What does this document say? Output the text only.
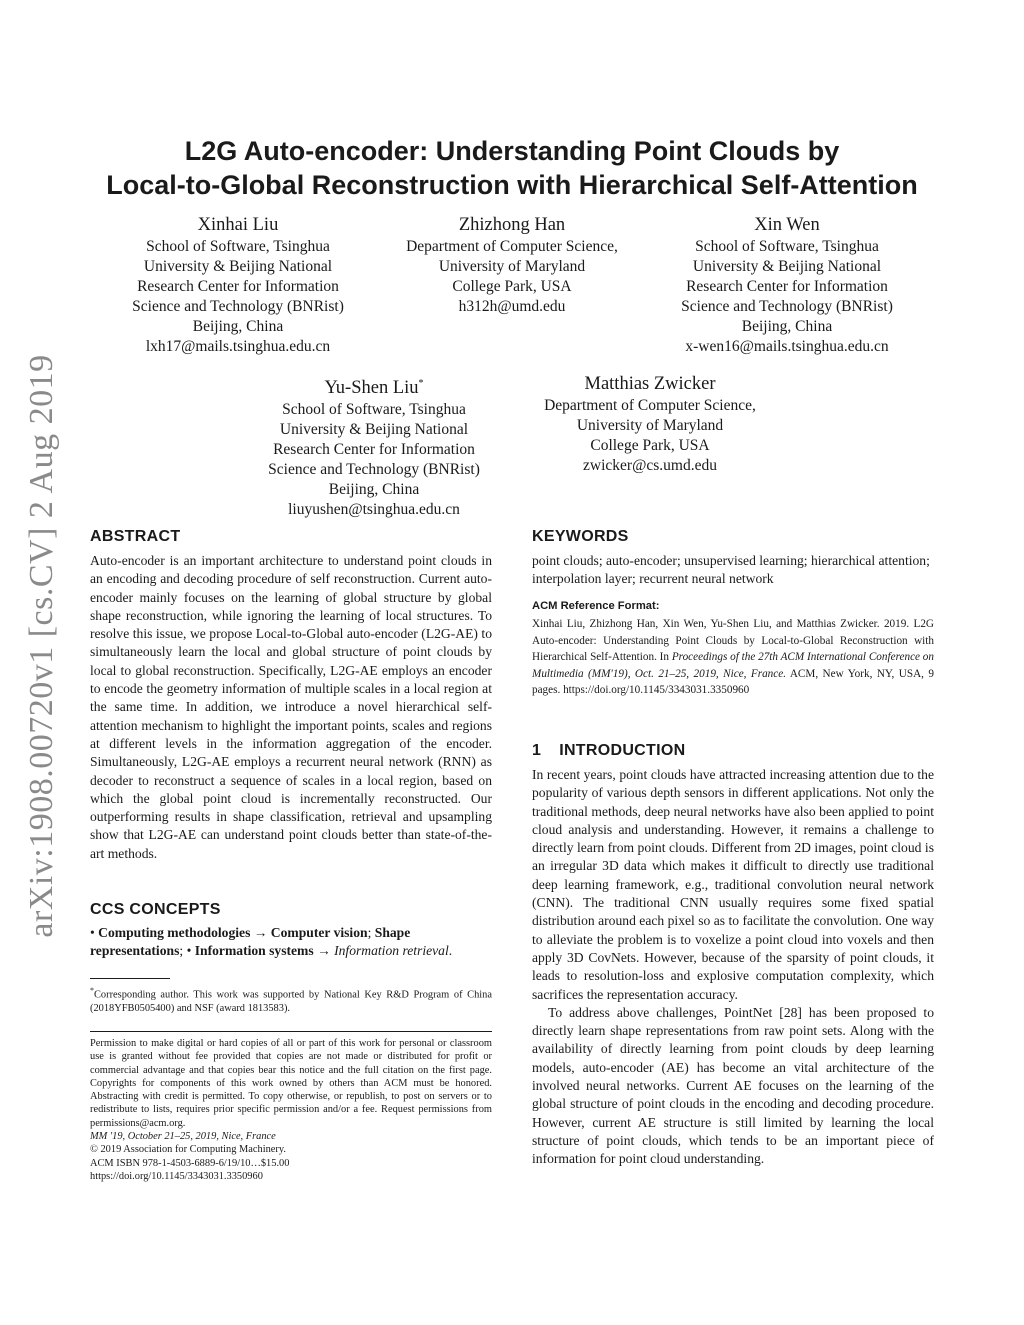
arXiv:1908.00720v1 [cs.CV] 2 Aug 2019
L2G Auto-encoder: Understanding Point Clouds by
Local-to-Global Reconstruction with Hierarchical Self-Attention
Xinhai Liu
School of Software, Tsinghua
University & Beijing National
Research Center for Information
Science and Technology (BNRist)
Beijing, China
lxh17@mails.tsinghua.edu.cn
Zhizhong Han
Department of Computer Science,
University of Maryland
College Park, USA
h312h@umd.edu
Xin Wen
School of Software, Tsinghua
University & Beijing National
Research Center for Information
Science and Technology (BNRist)
Beijing, China
x-wen16@mails.tsinghua.edu.cn
Yu-Shen Liu*
School of Software, Tsinghua
University & Beijing National
Research Center for Information
Science and Technology (BNRist)
Beijing, China
liuyushen@tsinghua.edu.cn
Matthias Zwicker
Department of Computer Science,
University of Maryland
College Park, USA
zwicker@cs.umd.edu
ABSTRACT
Auto-encoder is an important architecture to understand point clouds in an encoding and decoding procedure of self reconstruction. Current auto-encoder mainly focuses on the learning of global structure by global shape reconstruction, while ignoring the learning of local structures. To resolve this issue, we propose Local-to-Global auto-encoder (L2G-AE) to simultaneously learn the local and global structure of point clouds by local to global reconstruction. Specifically, L2G-AE employs an encoder to encode the geometry information of multiple scales in a local region at the same time. In addition, we introduce a novel hierarchical self-attention mechanism to highlight the important points, scales and regions at different levels in the information aggregation of the encoder. Simultaneously, L2G-AE employs a recurrent neural network (RNN) as decoder to reconstruct a sequence of scales in a local region, based on which the global point cloud is incrementally reconstructed. Our outperforming results in shape classification, retrieval and upsampling show that L2G-AE can understand point clouds better than state-of-the-art methods.
CCS CONCEPTS
• Computing methodologies → Computer vision; Shape representations; • Information systems → Information retrieval.
*Corresponding author. This work was supported by National Key R&D Program of China (2018YFB0505400) and NSF (award 1813583).
Permission to make digital or hard copies of all or part of this work for personal or classroom use is granted without fee provided that copies are not made or distributed for profit or commercial advantage and that copies bear this notice and the full citation on the first page. Copyrights for components of this work owned by others than ACM must be honored. Abstracting with credit is permitted. To copy otherwise, or republish, to post on servers or to redistribute to lists, requires prior specific permission and/or a fee. Request permissions from permissions@acm.org.
MM '19, October 21–25, 2019, Nice, France
© 2019 Association for Computing Machinery.
ACM ISBN 978-1-4503-6889-6/19/10…$15.00
https://doi.org/10.1145/3343031.3350960
KEYWORDS
point clouds; auto-encoder; unsupervised learning; hierarchical attention; interpolation layer; recurrent neural network
ACM Reference Format:
Xinhai Liu, Zhizhong Han, Xin Wen, Yu-Shen Liu, and Matthias Zwicker. 2019. L2G Auto-encoder: Understanding Point Clouds by Local-to-Global Reconstruction with Hierarchical Self-Attention. In Proceedings of the 27th ACM International Conference on Multimedia (MM'19), Oct. 21–25, 2019, Nice, France. ACM, New York, NY, USA, 9 pages. https://doi.org/10.1145/3343031.3350960
1 INTRODUCTION

In recent years, point clouds have attracted increasing attention due to the popularity of various depth sensors in different applications. Not only the traditional methods, deep neural networks have also been applied to point cloud analysis and understanding. However, it remains a challenge to directly learn from point clouds. Different from 2D images, point cloud is an irregular 3D data which makes it difficult to directly use traditional deep learning framework, e.g., traditional convolution neural network (CNN). The traditional CNN usually requires some fixed spatial distribution around each pixel so as to facilitate the convolution. One way to alleviate the problem is to voxelize a point cloud into voxels and then apply 3D CovNets. However, because of the sparsity of point clouds, it leads to resolution-loss and explosive computation complexity, which sacrifices the representation accuracy.

To address above challenges, PointNet [28] has been proposed to directly learn shape representations from raw point sets. Along with the availability of directly learning from point clouds by deep learning models, auto-encoder (AE) has become an vital architecture of the involved neural networks. Current AE focuses on the learning of the global structure of point clouds in the encoding and decoding procedure. However, current AE structure is still limited by learning the local structure of point clouds, which tends to be an important piece of information for point cloud understanding.
